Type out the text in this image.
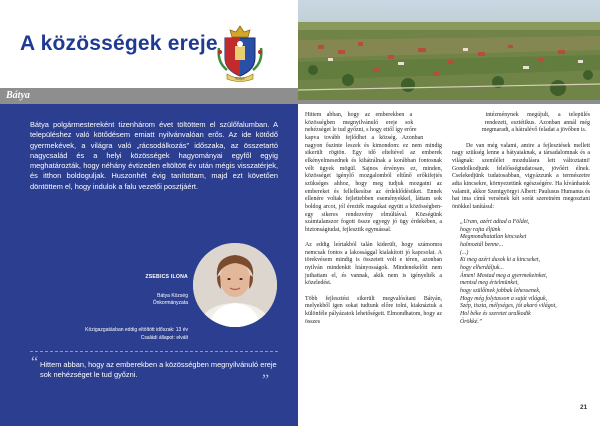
A közösségek ereje
Bátya
Bátya

Bátya polgármestereként tizenhárom évet töltöttem el szülőfalumban. A településhez való kötődésem emiatt nyilvánvalóan erős. Az ide kötődő gyermekévek, a világra való „rácsodálkozás” időszaka, az összetartó nagycsalád és a helyi közösségek hagyományai egyfől egyig meghatározták, hogy néhány évtizeden eltöltött év után mégis visszatérjek, és itthon boldoguljak. Huszonhét évig tanítottam, majd ezt követően döntöttem el, hogy indulok a falu vezetői posztjáért.

ZSEBICS ILONA
Bátya Község
Önkormányzata
Közigazgatásban eddig eltöltött időszak: 13 év
Családi állapot: elvált
“ Hittem abban, hogy az emberekben a közösségben megnyilvánuló ereje sok nehézséget le tud győzni.	”

Hittem abban, hogy az emberekben a közösségben megnyilvánuló ereje sok nehézséget le tud győzni, s hogy ettől így erőre kapva tovább fejlődhet a község. Azonban nagyon őszinte leszek és kimondom: ez nem mindig sikerült rögtön. Egy idő elteltével az emberek elkényelmesednek és kihátrálnak a korábban fontosnak vélt ügyek mögül. Sajnos érvényes ez, minden, közösséget igénylő mozgalomból eltűnő erőkifejtés szükséges ahhoz, hogy meg tudjuk mozgatni az embereket és fellelkesítse az érdeklődésüket. Ennek ellenére voltak fejlettebben eseményekkel, láttam sok boldog arcot, jól érezték magukat együtt a közösségben-egy sikeres rendezvény elmúltával. Községünk számtalanszor fogott össze egyegy jó ügy érdekében, a biztonságtudat, fejlesztik egymással.

Az eddig leírtakból talán kiderült, hogy számomra nemcsak fontos a lakossággal kialakított jó kapcsolat. A törekvésem mindig is összetett volt e téren, azonban nyilván mindenkit hiányosságok. Mindenekelőtt nem juthattam el, és vannak, akik nem is igényelték a közeledést.

Több fejlesztést sikerült megvalósítani Bátyán, melyekből igen sokat tudtunk előre tolni, kiaknáztuk a különféle pályázatok lehetőségeit. Elmondhatom, hogy az összes

intézménynek megújult, a település rendezett, esztétikus. Azonban annál még megmaradt, a hátralévő feladat a jövőben is.

De van még valami, amire a fejlesztések mellett nagy szükség lenne a bátyaiaknak, a társadalomnak és a világnak: szemlélet mozdulásra lett változtatni! Gondolkodjunk felelősségtudatosan, jövőért élnek. Cselekedjünk tudatosabban, vigyázzunk a természetre adta kincsekre, környezetünk egészségére. Ha kívánhatok valamit, akkor Szentgyörgyi Albert: Paulusus Humanus és hat ima című versének két sorát szeretném megosztani önökkel tanításul:

„Uram, azért adtad a Földet,
hogy rajta éljünk
Megmondhatatlan kincseket
halmoztál benne...
(...)
Ki meg azért dusok ki a kincseket,
hogy elherdáljuk...
Ámen! Mostad meg a gyermekeinket,
mentsd meg értelmünket,
hogy szülőinek jobbak lehessenek,
Hogy még folytasson a saját világuk,
Szép, tiszta, mélységes, jót akaró világot,
Hol béke és szeretet uralkodik
Örökké.”
21
